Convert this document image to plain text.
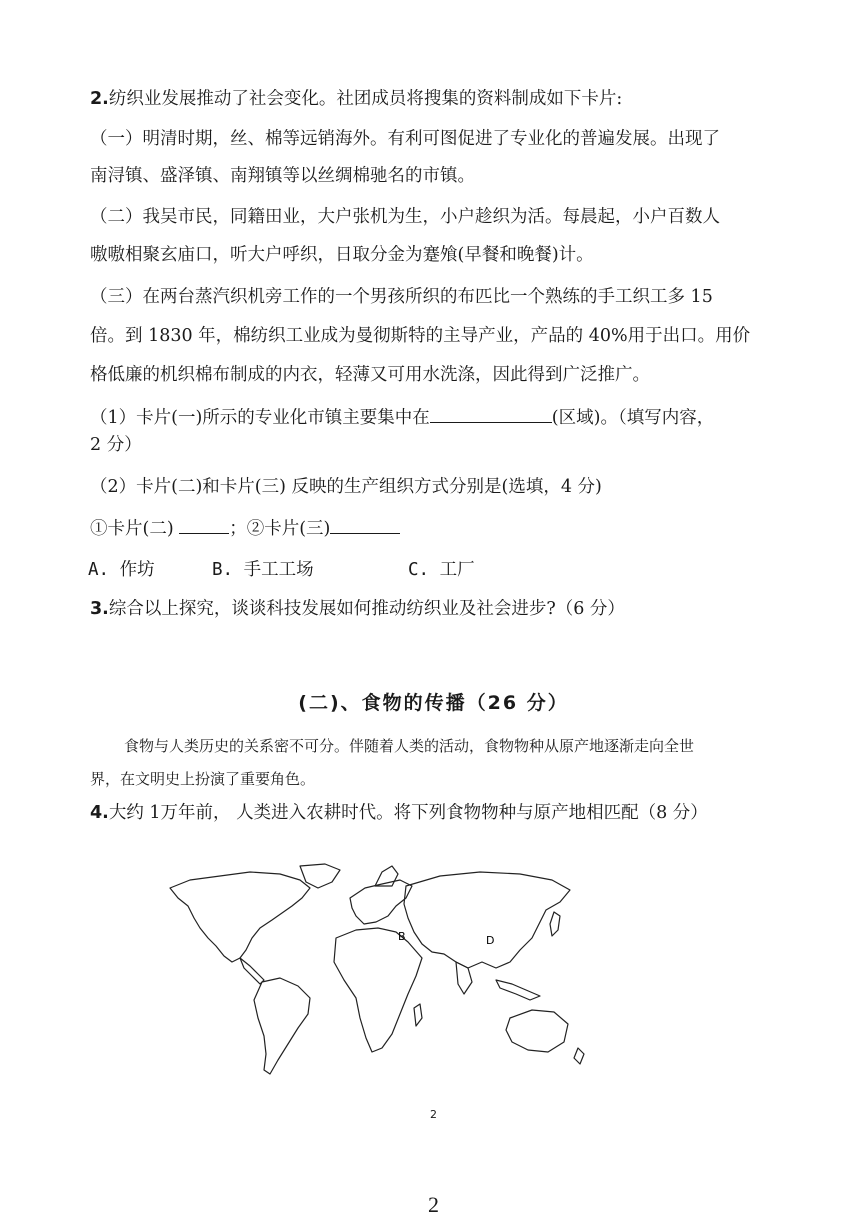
2.纺织业发展推动了社会变化。社团成员将搜集的资料制成如下卡片:
（一）明清时期，丝、棉等远销海外。有利可图促进了专业化的普遍发展。出现了
南浔镇、盛泽镇、南翔镇等以丝绸棉驰名的市镇。
（二）我吴市民，同籍田业，大户张机为生，小户趁织为活。每晨起，小户百数人
嗷嗷相聚玄庙口，听大户呼织，日取分金为蹇飧(早餐和晚餐)计。
（三）在两台蒸汽织机旁工作的一个男孩所织的布匹比一个熟练的手工织工多 15
倍。到 1830 年，棉纺织工业成为曼彻斯特的主导产业，产品的 40%用于出口。用价
格低廉的机织棉布制成的内衣，轻薄又可用水洗涤，因此得到广泛推广。
（1）卡片(一)所示的专业化市镇主要集中在	(区域)。（填写内容，
2 分）
（2）卡片(二)和卡片(三) 反映的生产组织方式分别是(选填，4 分)
①卡片(二)	；②卡片(三)
A. 作坊	B. 手工工场	C. 工厂
3.综合以上探究，谈谈科技发展如何推动纺织业及社会进步?（6 分）
(二)、食物的传播（26 分）
食物与人类历史的关系密不可分。伴随着人类的活动，食物物种从原产地逐渐走向全世
界，在文明史上扮演了重要角色。
4.大约 1万年前， 人类进入农耕时代。将下列食物物种与原产地相匹配（8 分）
B	D
2
2
